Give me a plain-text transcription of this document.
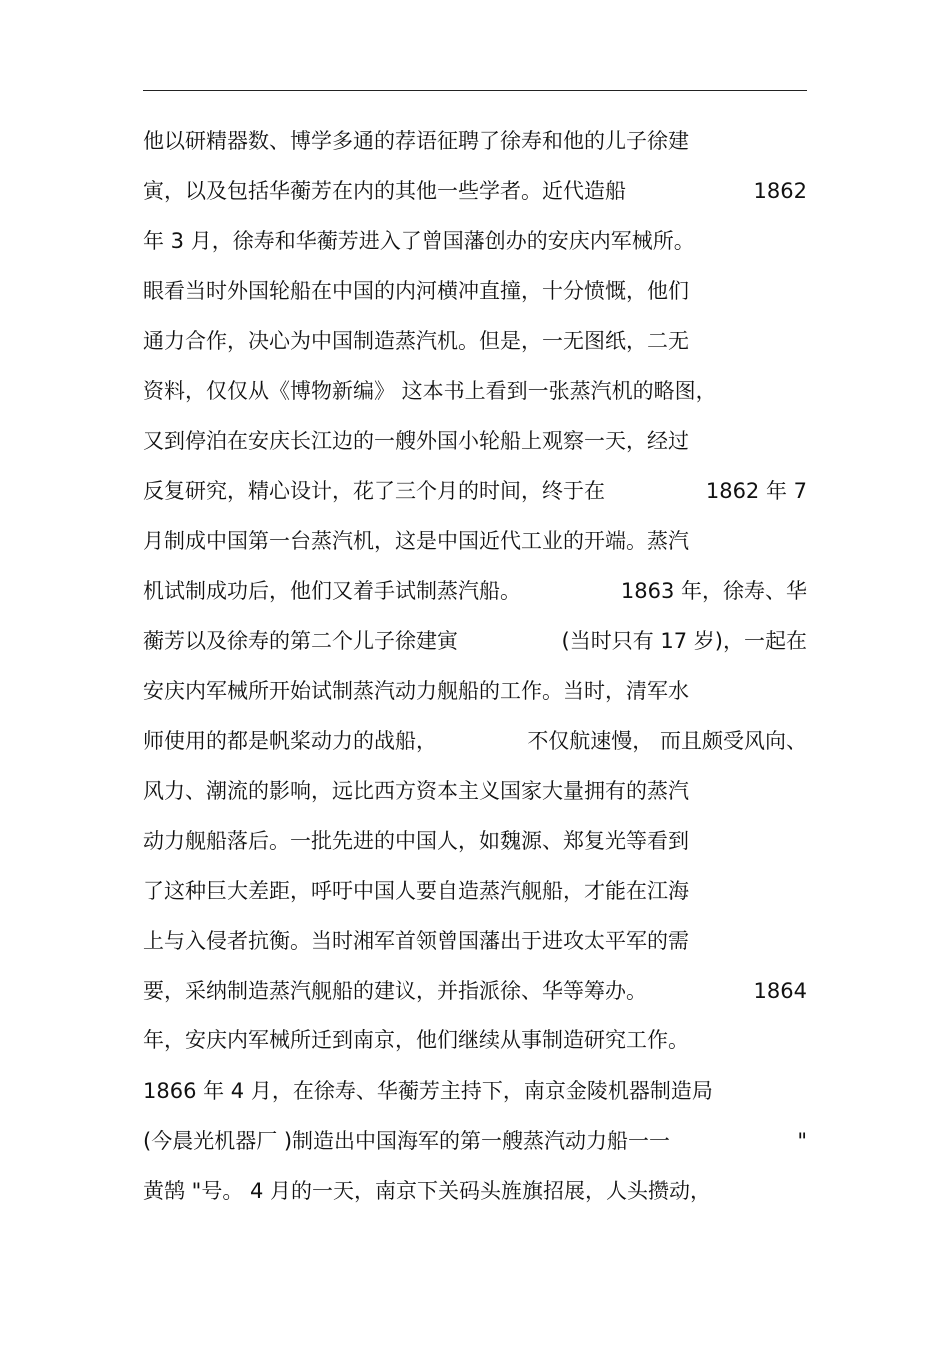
他以研精器数、博学多通的荐语征聘了徐寿和他的儿子徐建
寅，以及包括华蘅芳在内的其他一些学者。近代造船	1862
年 3 月，徐寿和华蘅芳进入了曾国藩创办的安庆内军械所。
眼看当时外国轮船在中国的内河横冲直撞，十分愤慨，他们
通力合作，决心为中国制造蒸汽机。但是，一无图纸，二无
资料，仅仅从《博物新编》 这本书上看到一张蒸汽机的略图，
又到停泊在安庆长江边的一艘外国小轮船上观察一天，经过
反复研究，精心设计，花了三个月的时间，终于在	1862 年 7
月制成中国第一台蒸汽机，这是中国近代工业的开端。蒸汽
机试制成功后，他们又着手试制蒸汽船。	1863 年，徐寿、华
蘅芳以及徐寿的第二个儿子徐建寅	(当时只有 17 岁)，一起在
安庆内军械所开始试制蒸汽动力舰船的工作。当时，清军水
师使用的都是帆桨动力的战船，	不仅航速慢， 而且颇受风向、
风力、潮流的影响，远比西方资本主义国家大量拥有的蒸汽
动力舰船落后。一批先进的中国人，如魏源、郑复光等看到
了这种巨大差距，呼吁中国人要自造蒸汽舰船，才能在江海
上与入侵者抗衡。当时湘军首领曾国藩出于进攻太平军的需
要，采纳制造蒸汽舰船的建议，并指派徐、华等筹办。	1864
年，安庆内军械所迁到南京，他们继续从事制造研究工作。
1866 年 4 月，在徐寿、华蘅芳主持下，南京金陵机器制造局
(今晨光机器厂 )制造出中国海军的第一艘蒸汽动力船一一	"
黄鹄 "号。 4 月的一天，南京下关码头旌旗招展，人头攒动，
